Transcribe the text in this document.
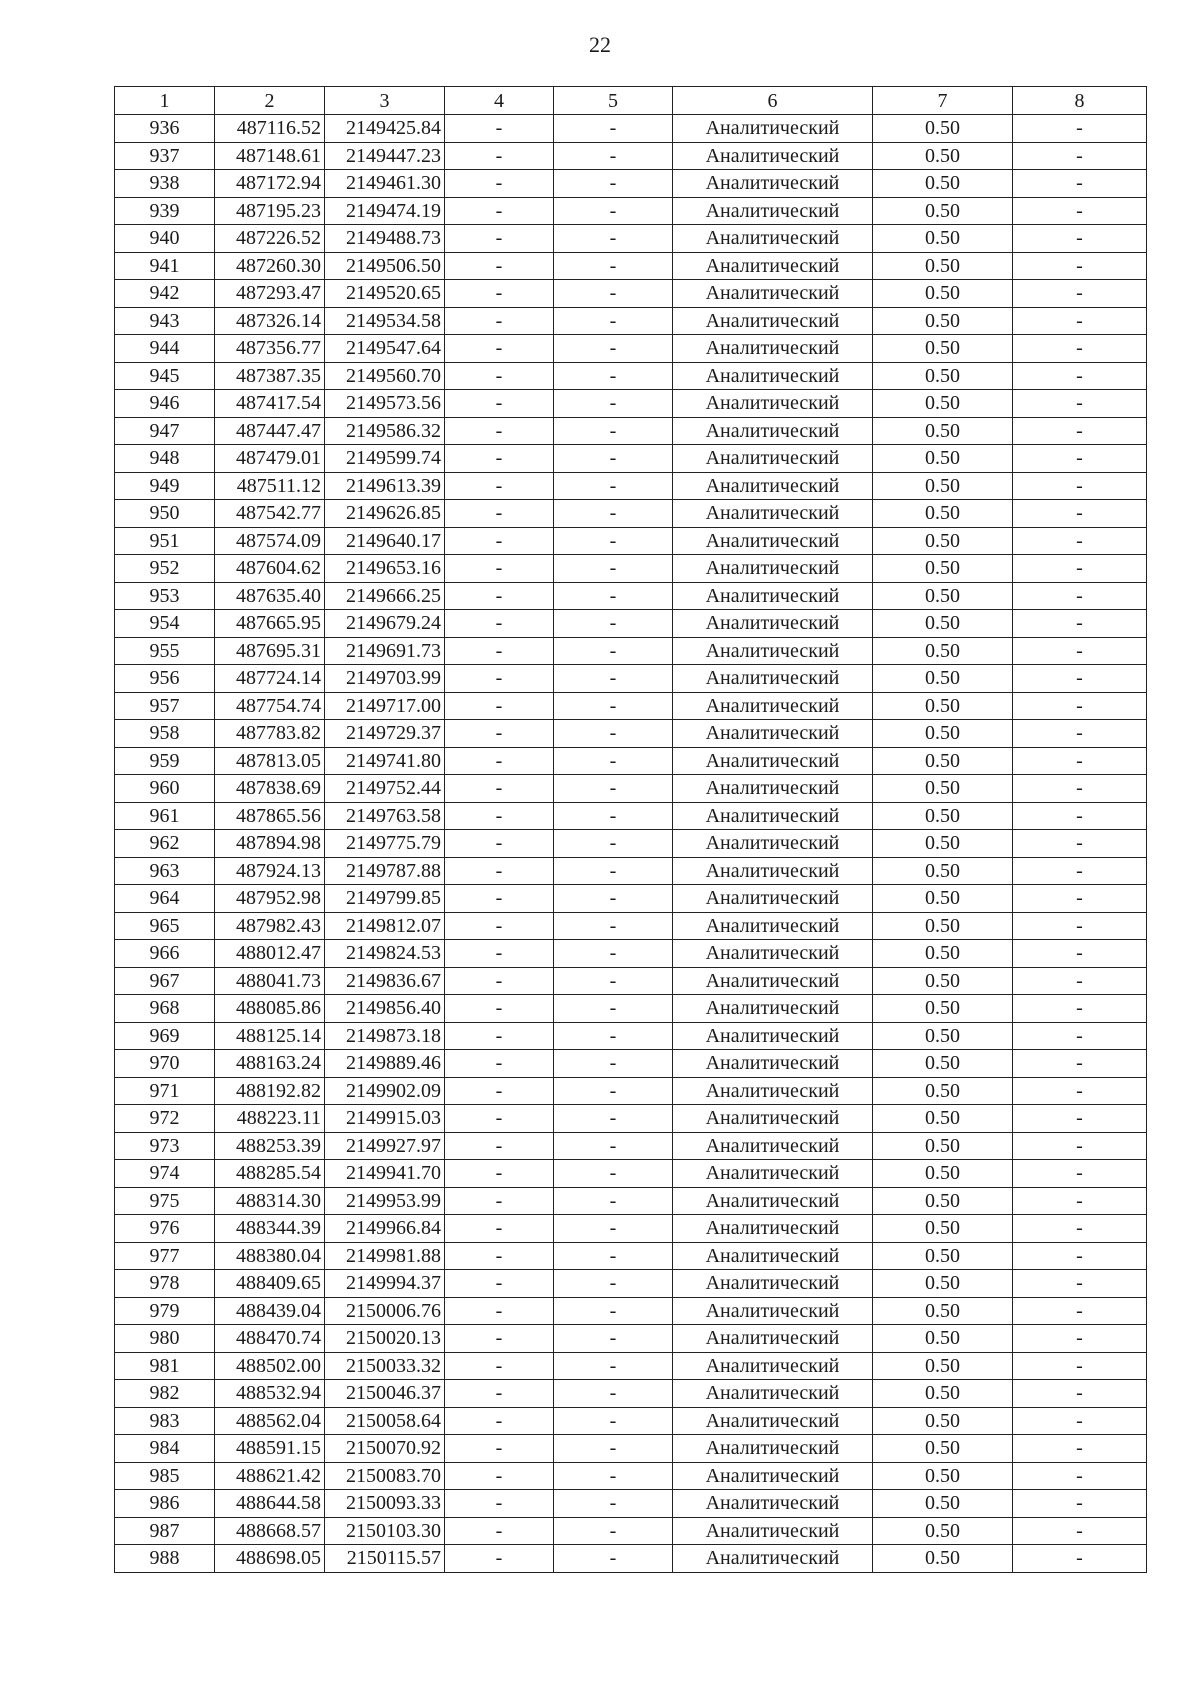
22
1	2	3	4	5	6	7	8
936	487116.52	2149425.84	-	-	Аналитический	0.50	-
937	487148.61	2149447.23	-	-	Аналитический	0.50	-
938	487172.94	2149461.30	-	-	Аналитический	0.50	-
939	487195.23	2149474.19	-	-	Аналитический	0.50	-
940	487226.52	2149488.73	-	-	Аналитический	0.50	-
941	487260.30	2149506.50	-	-	Аналитический	0.50	-
942	487293.47	2149520.65	-	-	Аналитический	0.50	-
943	487326.14	2149534.58	-	-	Аналитический	0.50	-
944	487356.77	2149547.64	-	-	Аналитический	0.50	-
945	487387.35	2149560.70	-	-	Аналитический	0.50	-
946	487417.54	2149573.56	-	-	Аналитический	0.50	-
947	487447.47	2149586.32	-	-	Аналитический	0.50	-
948	487479.01	2149599.74	-	-	Аналитический	0.50	-
949	487511.12	2149613.39	-	-	Аналитический	0.50	-
950	487542.77	2149626.85	-	-	Аналитический	0.50	-
951	487574.09	2149640.17	-	-	Аналитический	0.50	-
952	487604.62	2149653.16	-	-	Аналитический	0.50	-
953	487635.40	2149666.25	-	-	Аналитический	0.50	-
954	487665.95	2149679.24	-	-	Аналитический	0.50	-
955	487695.31	2149691.73	-	-	Аналитический	0.50	-
956	487724.14	2149703.99	-	-	Аналитический	0.50	-
957	487754.74	2149717.00	-	-	Аналитический	0.50	-
958	487783.82	2149729.37	-	-	Аналитический	0.50	-
959	487813.05	2149741.80	-	-	Аналитический	0.50	-
960	487838.69	2149752.44	-	-	Аналитический	0.50	-
961	487865.56	2149763.58	-	-	Аналитический	0.50	-
962	487894.98	2149775.79	-	-	Аналитический	0.50	-
963	487924.13	2149787.88	-	-	Аналитический	0.50	-
964	487952.98	2149799.85	-	-	Аналитический	0.50	-
965	487982.43	2149812.07	-	-	Аналитический	0.50	-
966	488012.47	2149824.53	-	-	Аналитический	0.50	-
967	488041.73	2149836.67	-	-	Аналитический	0.50	-
968	488085.86	2149856.40	-	-	Аналитический	0.50	-
969	488125.14	2149873.18	-	-	Аналитический	0.50	-
970	488163.24	2149889.46	-	-	Аналитический	0.50	-
971	488192.82	2149902.09	-	-	Аналитический	0.50	-
972	488223.11	2149915.03	-	-	Аналитический	0.50	-
973	488253.39	2149927.97	-	-	Аналитический	0.50	-
974	488285.54	2149941.70	-	-	Аналитический	0.50	-
975	488314.30	2149953.99	-	-	Аналитический	0.50	-
976	488344.39	2149966.84	-	-	Аналитический	0.50	-
977	488380.04	2149981.88	-	-	Аналитический	0.50	-
978	488409.65	2149994.37	-	-	Аналитический	0.50	-
979	488439.04	2150006.76	-	-	Аналитический	0.50	-
980	488470.74	2150020.13	-	-	Аналитический	0.50	-
981	488502.00	2150033.32	-	-	Аналитический	0.50	-
982	488532.94	2150046.37	-	-	Аналитический	0.50	-
983	488562.04	2150058.64	-	-	Аналитический	0.50	-
984	488591.15	2150070.92	-	-	Аналитический	0.50	-
985	488621.42	2150083.70	-	-	Аналитический	0.50	-
986	488644.58	2150093.33	-	-	Аналитический	0.50	-
987	488668.57	2150103.30	-	-	Аналитический	0.50	-
988	488698.05	2150115.57	-	-	Аналитический	0.50	-
